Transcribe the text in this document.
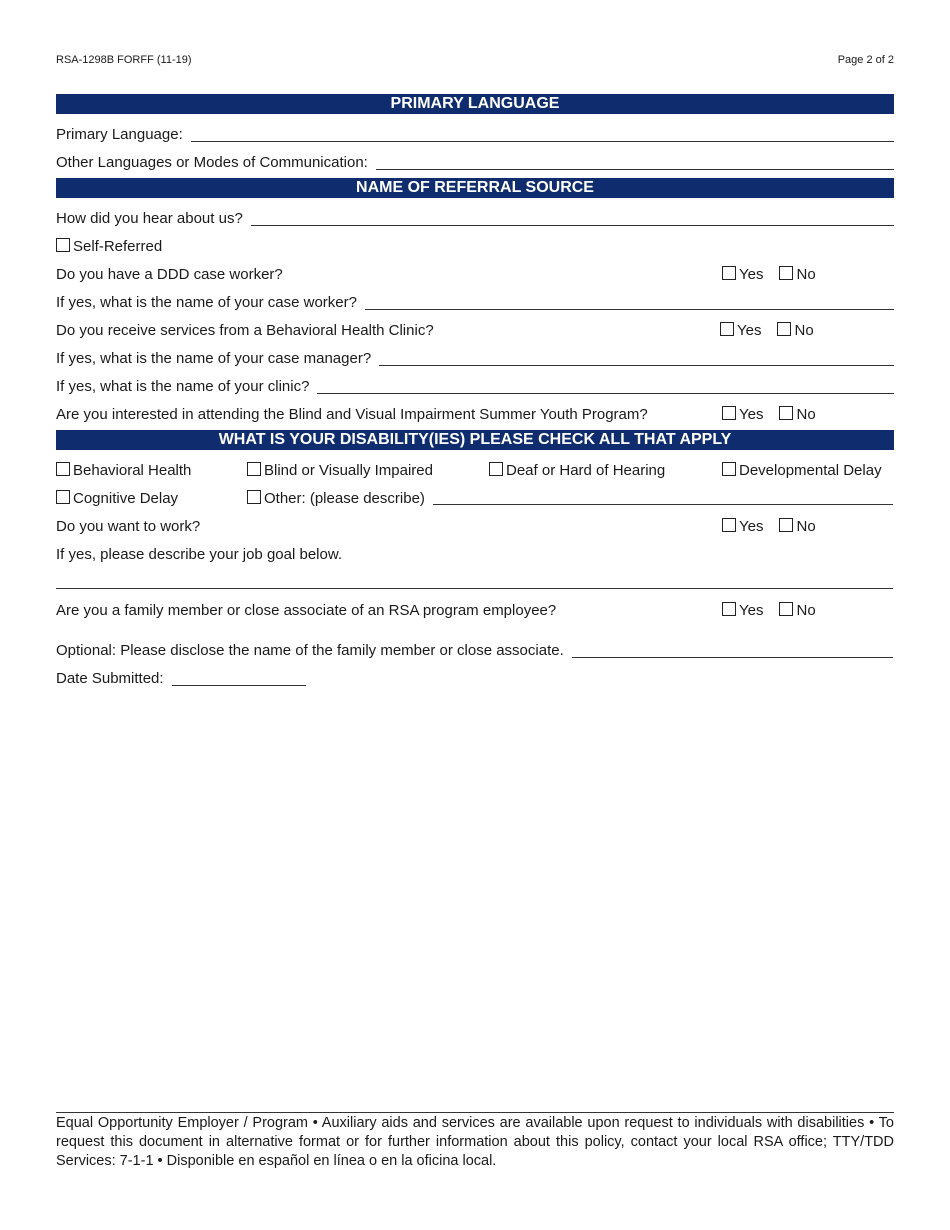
RSA-1298B FORFF (11-19)	Page 2 of 2
PRIMARY LANGUAGE
Primary Language:
Other Languages or Modes of Communication:
NAME OF REFERRAL SOURCE
How did you hear about us?
Self-Referred
Do you have a DDD case worker?	Yes No
If yes, what is the name of your case worker?
Do you receive services from a Behavioral Health Clinic?	Yes No
If yes, what is the name of your case manager?
If yes, what is the name of your clinic?
Are you interested in attending the Blind and Visual Impairment Summer Youth Program?	Yes No
WHAT IS YOUR DISABILITY(IES) PLEASE CHECK ALL THAT APPLY
Behavioral Health	Blind or Visually Impaired	Deaf or Hard of Hearing	Developmental Delay
Cognitive Delay	Other: (please describe)
Do you want to work?	Yes No
If yes, please describe your job goal below.
Are you a family member or close associate of an RSA program employee?	Yes No
Optional: Please disclose the name of the family member or close associate.
Date Submitted:
Equal Opportunity Employer / Program • Auxiliary aids and services are available upon request to individuals with disabilities • To request this document in alternative format or for further information about this policy, contact your local RSA office; TTY/TDD Services: 7-1-1 • Disponible en español en línea o en la oficina local.
